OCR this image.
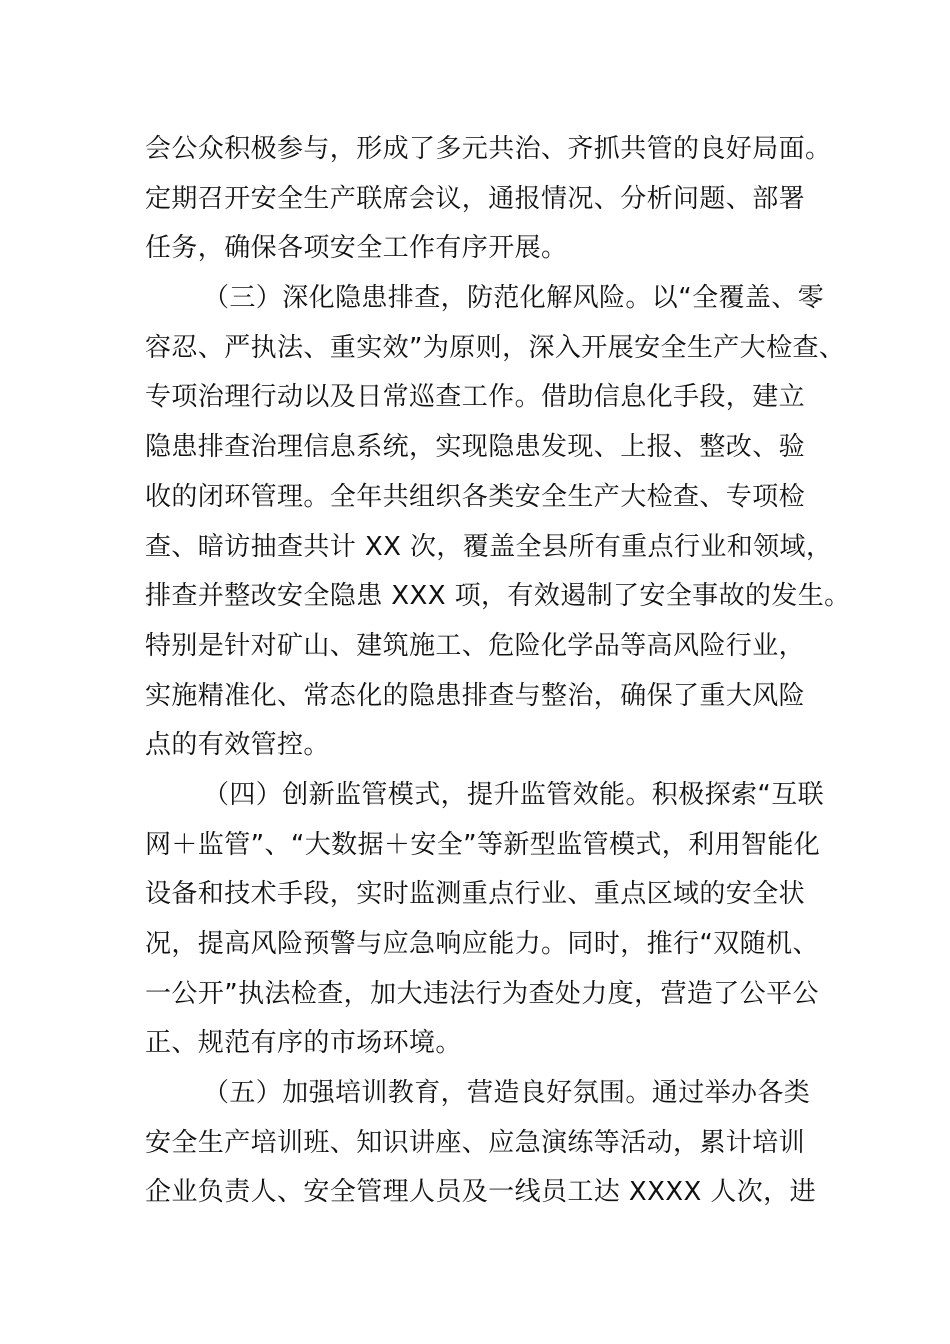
会公众积极参与，形成了多元共治、齐抓共管的良好局面。
定期召开安全生产联席会议，通报情况、分析问题、部署
任务，确保各项安全工作有序开展。
（三）深化隐患排查，防范化解风险。以“全覆盖、零
容忍、严执法、重实效”为原则，深入开展安全生产大检查、
专项治理行动以及日常巡查工作。借助信息化手段，建立
隐患排查治理信息系统，实现隐患发现、上报、整改、验
收的闭环管理。全年共组织各类安全生产大检查、专项检
查、暗访抽查共计 XX 次，覆盖全县所有重点行业和领域，
排查并整改安全隐患 XXX 项，有效遏制了安全事故的发生。
特别是针对矿山、建筑施工、危险化学品等高风险行业，
实施精准化、常态化的隐患排查与整治，确保了重大风险
点的有效管控。
（四）创新监管模式，提升监管效能。积极探索“互联
网＋监管”、“大数据＋安全”等新型监管模式，利用智能化
设备和技术手段，实时监测重点行业、重点区域的安全状
况，提高风险预警与应急响应能力。同时，推行“双随机、
一公开”执法检查，加大违法行为查处力度，营造了公平公
正、规范有序的市场环境。
（五）加强培训教育，营造良好氛围。通过举办各类
安全生产培训班、知识讲座、应急演练等活动，累计培训
企业负责人、安全管理人员及一线员工达 XXXX 人次，进
